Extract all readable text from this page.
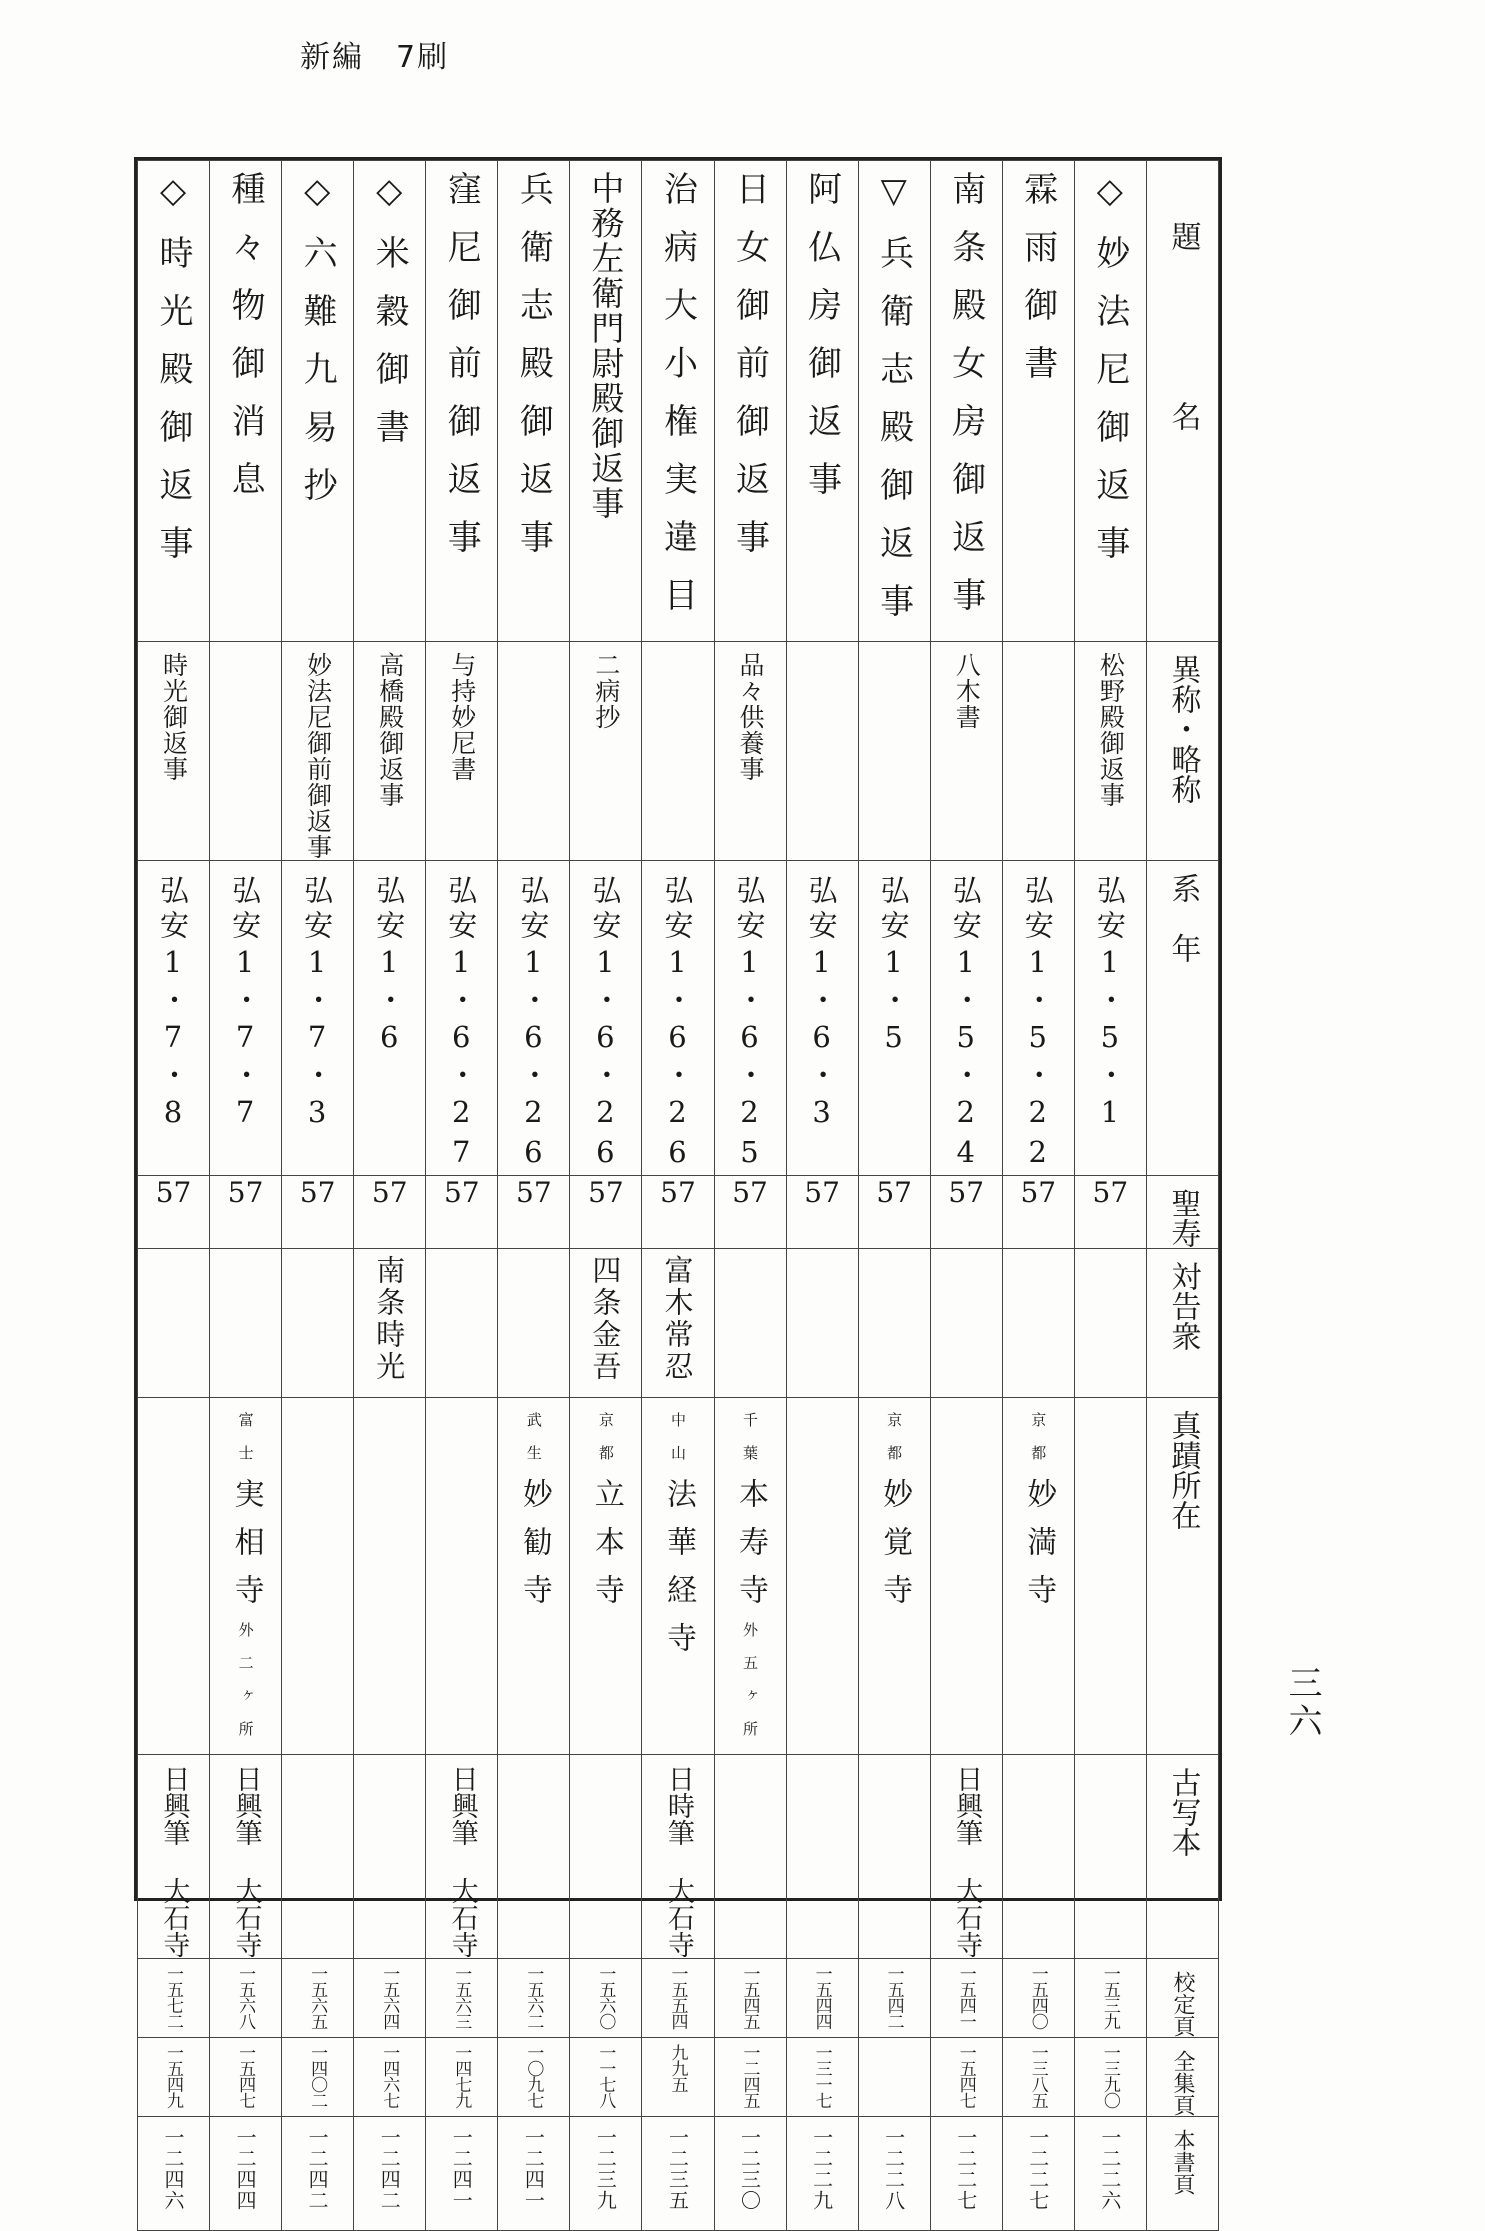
新編　7刷
◇時光殿御返事	種々物御消息	◇六難九易抄	◇米穀御書	窪尼御前御返事	兵衛志殿御返事	中務左衛門尉殿御返事	治病大小権実違目	日女御前御返事	阿仏房御返事	▽兵衛志殿御返事	南条殿女房御返事	霖雨御書	◇妙法尼御返事	題　　名

時光御返事		妙法尼御前御返事	高橋殿御返事	与持妙尼書		二病抄		品々供養事			八木書		松野殿御返事	異称・略称

弘安1・7・8	弘安1・7・7	弘安1・7・3	弘安1・6	弘安1・6・27	弘安1・6・26	弘安1・6・26	弘安1・6・26	弘安1・6・25	弘安1・6・3	弘安1・5	弘安1・5・24	弘安1・5・22	弘安1・5・1	系　年

57	57	57	57	57	57	57	57	57	57	57	57	57	57	聖寿

			南条時光			四条金吾	富木常忍							対告衆

	富士実相寺外二ヶ所				武生妙勧寺	京都立本寺	中山法華経寺	千葉本寿寺外五ヶ所		京都妙覚寺		京都妙満寺		真蹟所在

日興筆 大石寺	日興筆 大石寺			日興筆 大石寺			日時筆 大石寺				日興筆 大石寺			古写本

一五七二	一五六八	一五六五	一五六四	一五六三	一五六二	一五六〇	一五五四	一五四五	一五四四	一五四二	一五四一	一五四〇	一五三九	校定頁

一五四九	一五四七	一四〇二	一四六七	一四七九	一〇九七	一一七八	九九五	一二四五	一三一七		一五四七	一三八五	一三九〇	全集頁

一二四六	一二四四	一二四二	一二四二	一二四一	一二四一	一二三九	一二三五	一二三〇	一二二九	一二二八	一二二七	一二二七	一二二六	本書頁
三六
